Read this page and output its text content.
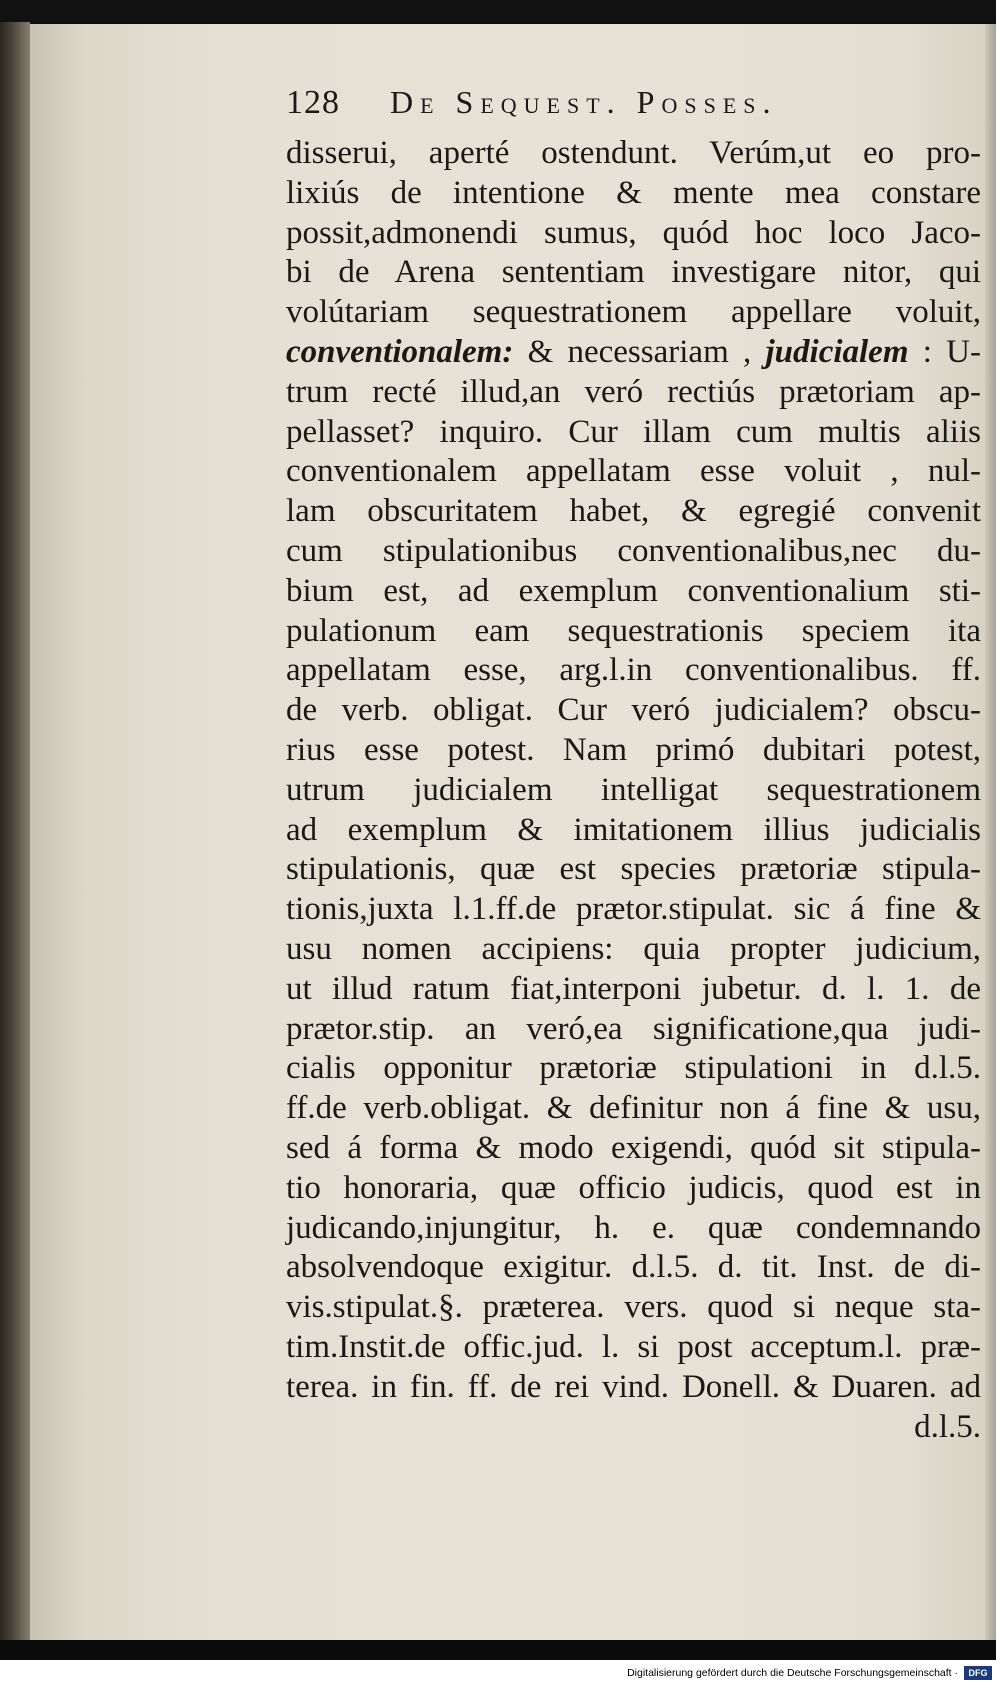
128 De Sequest. Posses.
disserui, aperté ostendunt. Verúm,ut eo pro-
lixiús de intentione & mente mea constare
possit,admonendi sumus, quód hoc loco Jaco-
bi de Arena sententiam investigare nitor, qui
volútariam sequestrationem appellare voluit,
conventionalem: & necessariam , judicialem : U-
trum recté illud,an veró rectiús prætoriam ap-
pellasset? inquiro. Cur illam cum multis aliis
conventionalem appellatam esse voluit , nul-
lam obscuritatem habet, & egregié convenit
cum stipulationibus conventionalibus,nec du-
bium est, ad exemplum conventionalium sti-
pulationum eam sequestrationis speciem ita
appellatam esse, arg.l.in conventionalibus. ff.
de verb. obligat. Cur veró judicialem? obscu-
rius esse potest. Nam primó dubitari potest,
utrum judicialem intelligat sequestrationem
ad exemplum & imitationem illius judicialis
stipulationis, quæ est species prætoriæ stipula-
tionis,juxta l.1.ff.de prætor.stipulat. sic á fine &
usu nomen accipiens: quia propter judicium,
ut illud ratum fiat,interponi jubetur. d. l. 1. de
prætor.stip. an veró,ea significatione,qua judi-
cialis opponitur prætoriæ stipulationi in d.l.5.
ff.de verb.obligat. & definitur non á fine & usu,
sed á forma & modo exigendi, quód sit stipula-
tio honoraria, quæ officio judicis, quod est in
judicando,injungitur, h. e. quæ condemnando
absolvendoque exigitur. d.l.5. d. tit. Inst. de di-
vis.stipulat.§. præterea. vers. quod si neque sta-
tim.Instit.de offic.jud. l. si post acceptum.l. præ-
terea. in fin. ff. de rei vind. Donell. & Duaren. ad
d.l.5.
Digitalisierung gefördert durch die Deutsche Forschungsgemeinschaft ·	DFG
